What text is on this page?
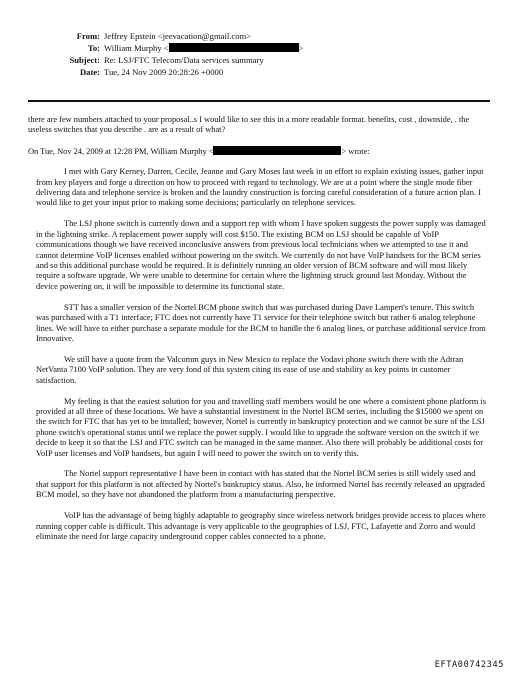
From: Jeffrey Epstein <jeevacation@gmail.com>
To: William Murphy <	>
Subject: Re: LSJ/FTC Telecom/Data services summary
Date: Tue, 24 Nov 2009 20:28:26 +0000
there are few numbers attached to your proposal..s I would like to see this in a more readable format. benefits, cost , downside, . the useless switches that you describe . are as a result of what?
On Tue, Nov 24, 2009 at 12:28 PM, William Murphy <	> wrote:

I met with Gary Kerney, Darren, Cecile, Jeanne and Gary Moses last week in an effort to explain existing issues, gather input from key players and forge a direction on how to proceed with regard to technology. We are at a point where the single mode fiber delivering data and telephone service is broken and the laundry construction is forcing careful consideration of a future action plan. I would like to get your input prior to making some decisions; particularly on telephone services.

The LSJ phone switch is currently down and a support rep with whom I have spoken suggests the power supply was damaged in the lightning strike. A replacement power supply will cost $150. The existing BCM on LSJ should be capable of VoIP communications though we have received inconclusive answers from previous local technicians when we attempted to use it and cannot determine VoIP licenses enabled without powering on the switch. We currently do not have VoIP handsets for the BCM series and so this additional purchase would be required. It is definitely running an older version of BCM software and will most likely require a software upgrade. We were unable to determine for certain where the lightning struck ground last Monday. Without the device powering on, it will be impossible to determine its functional state.

STT has a smaller version of the Nortel BCM phone switch that was purchased during Dave Lampert's tenure. This switch was purchased with a T1 interface; FTC does not currently have T1 service for their telephone switch but rather 6 analog telephone lines. We will have to either purchase a separate module for the BCM to handle the 6 analog lines, or purchase additional service from Innovative.

We still have a quote from the Valcomm guys in New Mexico to replace the Vodavi phone switch there with the Adtran NetVanta 7100 VoIP solution. They are very fond of this system citing its ease of use and stability as key points in customer satisfaction.

My feeling is that the easiest solution for you and travelling staff members would be one where a consistent phone platform is provided at all three of these locations. We have a substantial investment in the Nortel BCM series, including the $15000 we spent on the switch for FTC that has yet to be installed; however, Nortel is currently in bankruptcy protection and we cannot be sure of the LSJ phone switch's operational status until we replace the power supply. I would like to upgrade the software version on the switch if we decide to keep it so that the LSJ and FTC switch can be managed in the same manner. Also there will probably be additional costs for VoIP user licenses and VoIP handsets, but again I will need to power the switch on to verify this.

The Nortel support representative I have been in contact with has stated that the Nortel BCM series is still widely used and that support for this platform is not affected by Nortel's bankruptcy status. Also, he informed Nortel has recently released an upgraded BCM model, so they have not abandoned the platform from a manufacturing perspective.

VoIP has the advantage of being highly adaptable to geography since wireless network bridges provide access to places where running copper cable is difficult. This advantage is very applicable to the geographies of LSJ, FTC, Lafayette and Zorro and would eliminate the need for large capacity underground copper cables connected to a phone.

EFTA00742345
